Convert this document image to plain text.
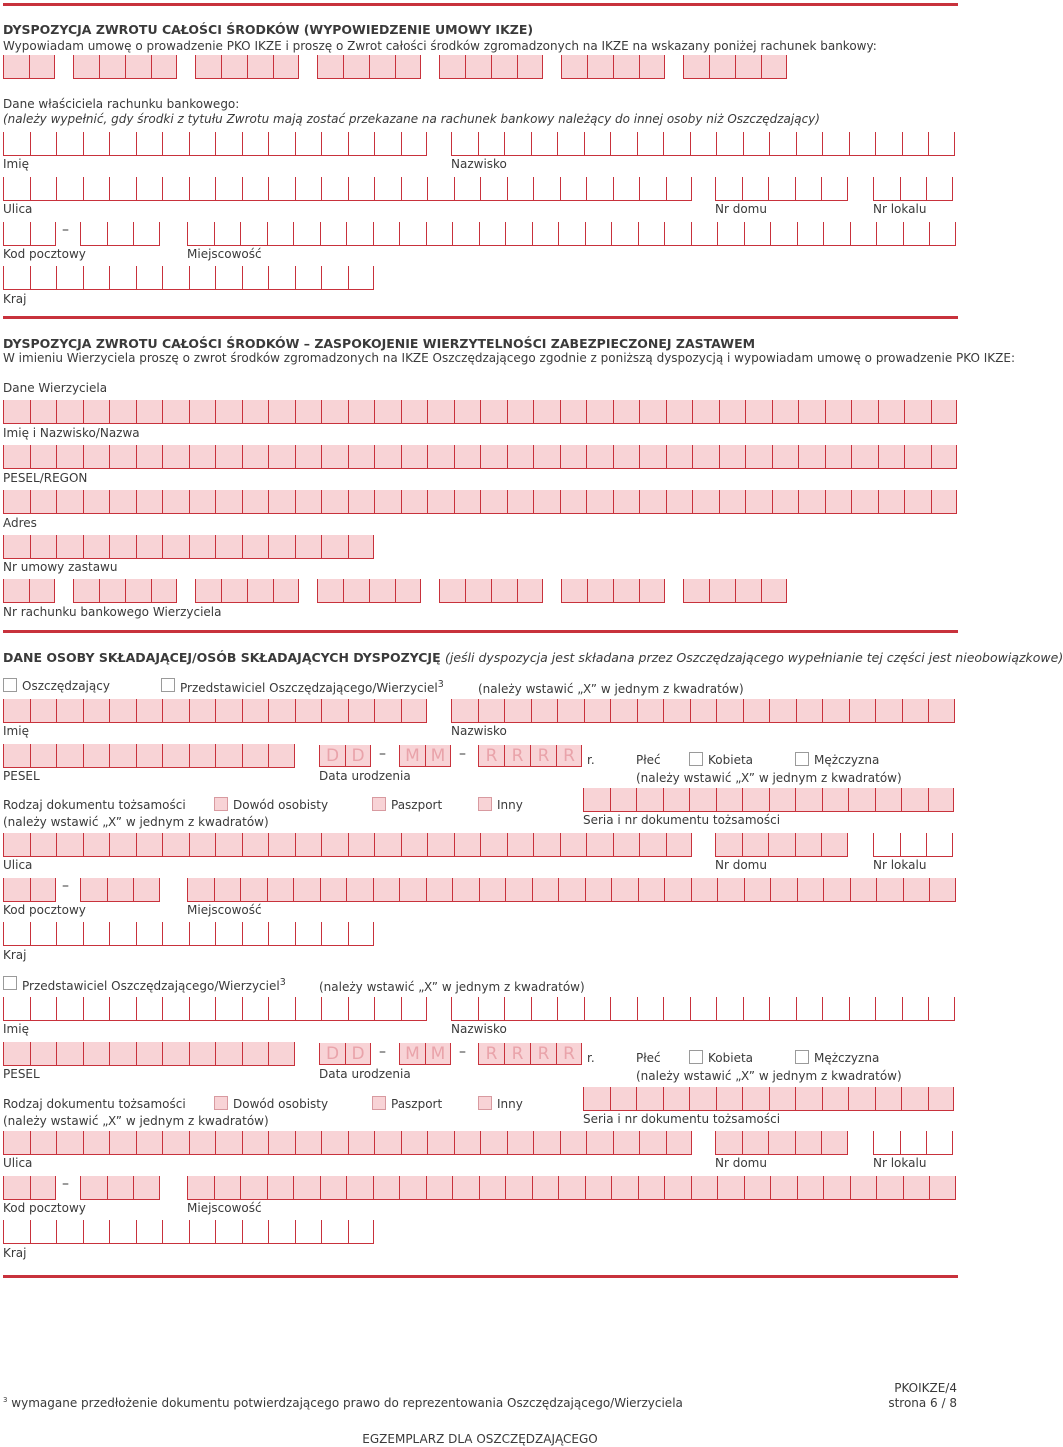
DYSPOZYCJA ZWROTU CAŁOŚCI ŚRODKÓW (WYPOWIEDZENIE UMOWY IKZE)
Wypowiadam umowę o prowadzenie PKO IKZE i proszę o Zwrot całości środków zgromadzonych na IKZE na wskazany poniżej rachunek bankowy:
Dane właściciela rachunku bankowego:
(należy wypełnić, gdy środki z tytułu Zwrotu mają zostać przekazane na rachunek bankowy należący do innej osoby niż Oszczędzający)
Imię	Nazwisko
Ulica	Nr domu	Nr lokalu
–
Kod pocztowy	Miejscowość
Kraj
DYSPOZYCJA ZWROTU CAŁOŚCI ŚRODKÓW – ZASPOKOJENIE WIERZYTELNOŚCI ZABEZPIECZONEJ ZASTAWEM
W imieniu Wierzyciela proszę o zwrot środków zgromadzonych na IKZE Oszczędzającego zgodnie z poniższą dyspozycją i wypowiadam umowę o prowadzenie PKO IKZE:
Dane Wierzyciela
Imię i Nazwisko/Nazwa
PESEL/REGON
Adres
Nr umowy zastawu
Nr rachunku bankowego Wierzyciela
DANE OSOBY SKŁADAJĄCEJ/OSÓB SKŁADAJĄCYCH DYSPOZYCJĘ (jeśli dyspozycja jest składana przez Oszczędzającego wypełnianie tej części jest nieobowiązkowe)
Oszczędzający	Przedstawiciel Oszczędzającego/Wierzyciel$^3$	(należy wstawić „X” w jednym z kwadratów)
Imię	Nazwisko
D D	–	M M –	R R R R	r.	Płeć	Kobieta	Mężczyzna
PESEL	Data urodzenia	(należy wstawić „X” w jednym z kwadratów)
Rodzaj dokumentu tożsamości	Dowód osobisty	Paszport	Inny
(należy wstawić „X” w jednym z kwadratów)	Seria i nr dokumentu tożsamości
Ulica	Nr domu	Nr lokalu
–
Kod pocztowy	Miejscowość
Kraj
Przedstawiciel Oszczędzającego/Wierzyciel$^3$	(należy wstawić „X” w jednym z kwadratów)
Imię	Nazwisko
D D	–	M M –	R R R R	r.	Płeć	Kobieta	Mężczyzna
PESEL	Data urodzenia	(należy wstawić „X” w jednym z kwadratów)
Rodzaj dokumentu tożsamości	Dowód osobisty	Paszport	Inny
(należy wstawić „X” w jednym z kwadratów)	Seria i nr dokumentu tożsamości
Ulica	Nr domu	Nr lokalu
–
Kod pocztowy	Miejscowość
Kraj
$^3$ wymagane przedłożenie dokumentu potwierdzającego prawo do reprezentowania Oszczędzającego/Wierzyciela
PKOIKZE/4
strona 6 / 8
EGZEMPLARZ DLA OSZCZĘDZAJĄCEGO
